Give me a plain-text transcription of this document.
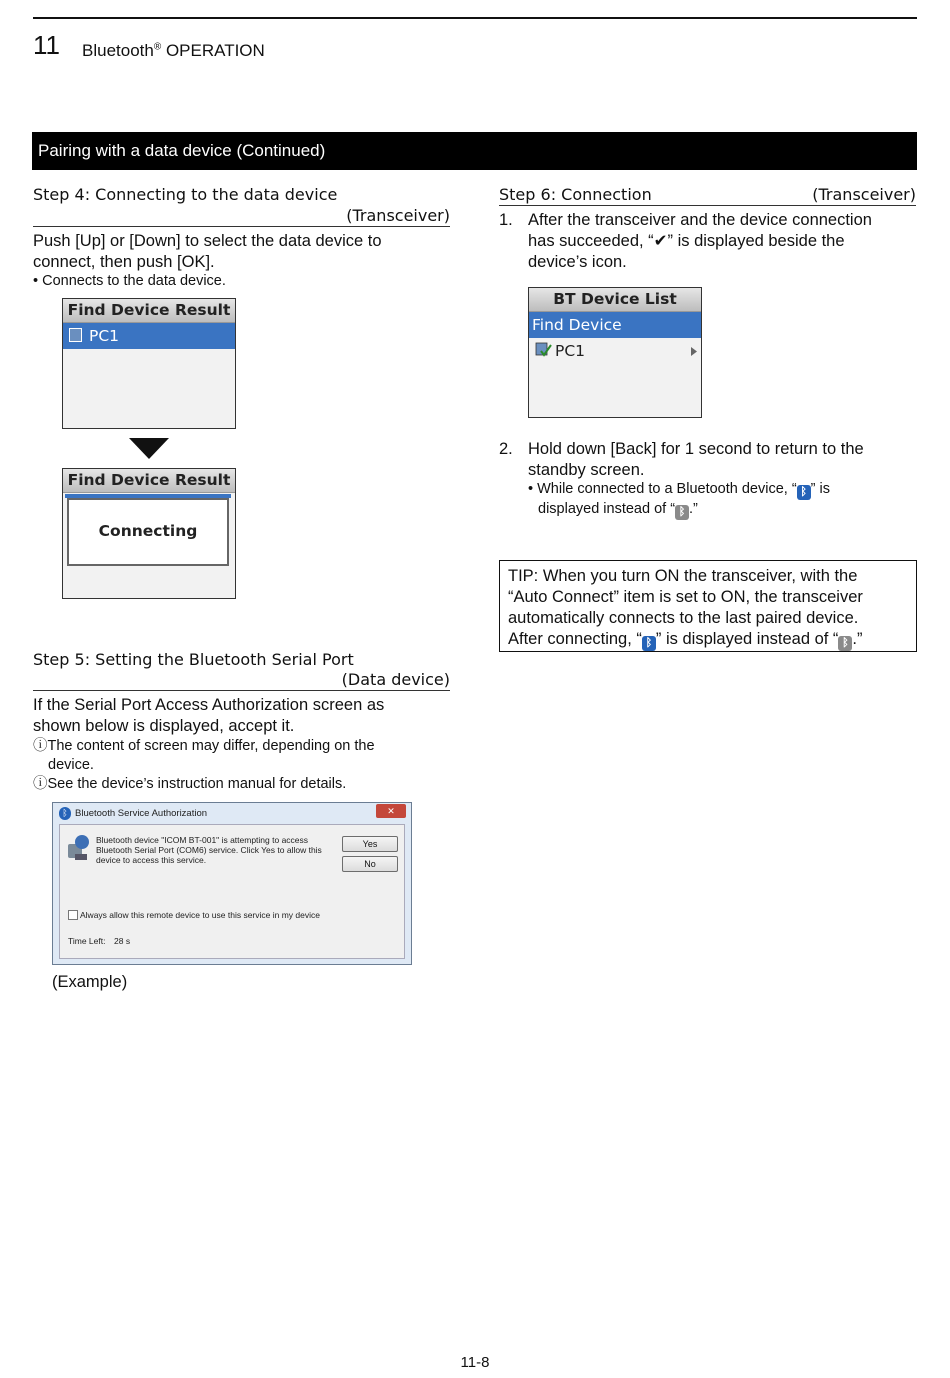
11 Bluetooth® OPERATION
Pairing with a data device (Continued)
Step 4: Connecting to the data device
(Transceiver)
Push [Up] or [Down] to select the data device to
connect, then push [OK].
• Connects to the data device.
Find Device Result
PC1
Find Device Result
Connecting
Step 5: Setting the Bluetooth Serial Port
(Data device)
If the Serial Port Access Authorization screen as
shown below is displayed, accept it.
ⓘThe content of screen may differ, depending on the
device.
ⓘSee the device’s instruction manual for details.
ᛒ Bluetooth Service Authorization	✕
Bluetooth device "ICOM BT-001" is attempting to access
Bluetooth Serial Port (COM6) service. Click Yes to allow this
device to access this service.
Yes
No
Always allow this remote device to use this service in my device
Time Left: 28 s
(Example)
Step 6: Connection	(Transceiver)
1. After the transceiver and the device connection
has succeeded, “✔” is displayed beside the
device’s icon.
BT Device List
Find Device
PC1
2. Hold down [Back] for 1 second to return to the
standby screen.
• While connected to a Bluetooth device, “ ᛒ ” is
displayed instead of “ ᛒ .”
TIP: When you turn ON the transceiver, with the
“Auto Connect” item is set to ON, the transceiver
automatically connects to the last paired device.
After connecting, “ ᛒ ” is displayed instead of “ ᛒ .”
11-8
